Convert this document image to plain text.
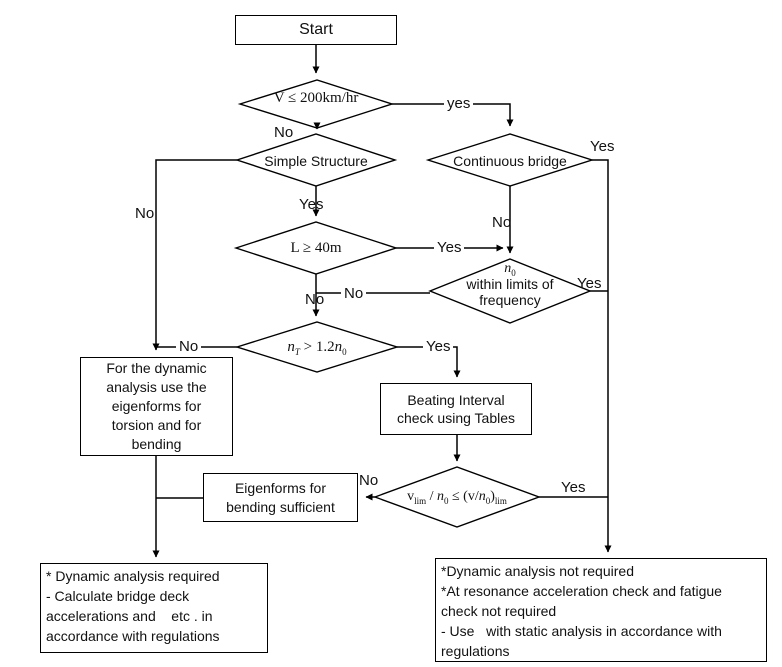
Start
Beating Interval
check using Tables
Eigenforms for
bending sufficient
For the dynamic
analysis use the
eigenforms for
torsion and for
bending
* Dynamic analysis required
- Calculate bridge deck
accelerations and    etc . in
accordance with regulations
*Dynamic analysis not required
*At resonance acceleration check and fatigue
check not required
- Use   with static analysis in accordance with
regulations
V ≤ 200km/hr
Simple Structure	Continuous bridge
L ≥ 40m
$n_0$
within limits of
frequency
$n_T > 1.2n_0$
$v_{lim} / n_0 \le (v/n_0)_{lim}$
yes
No
No
Yes
Yes
No
Yes
No No
Yes
No	Yes
No	Yes
